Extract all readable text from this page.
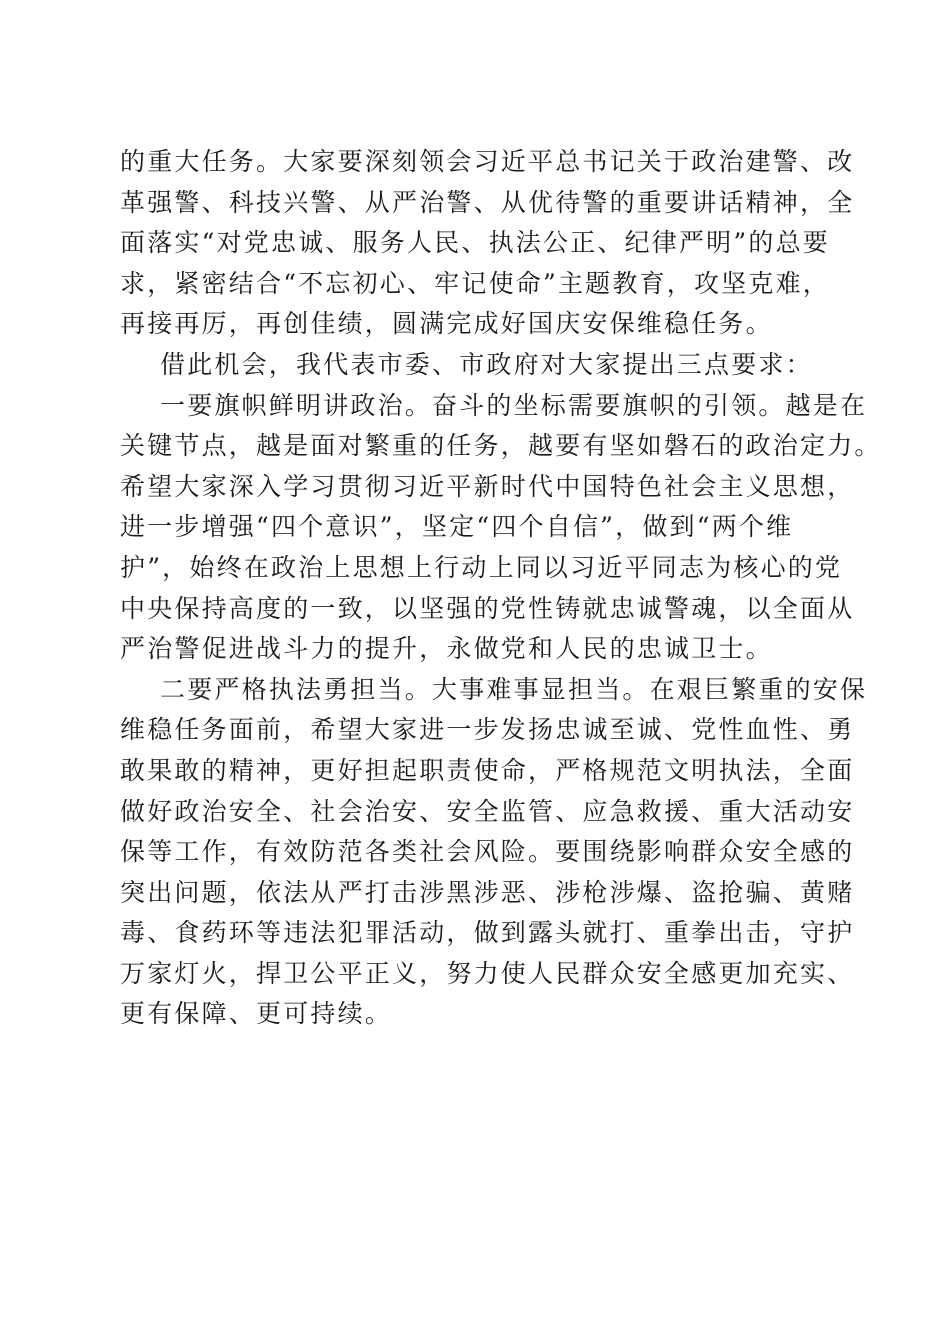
的重大任务。大家要深刻领会习近平总书记关于政治建警、改
革强警、科技兴警、从严治警、从优待警的重要讲话精神，全
面落实“对党忠诚、服务人民、执法公正、纪律严明”的总要
求，紧密结合“不忘初心、牢记使命”主题教育，攻坚克难，
再接再厉，再创佳绩，圆满完成好国庆安保维稳任务。
借此机会，我代表市委、市政府对大家提出三点要求：
一要旗帜鲜明讲政治。奋斗的坐标需要旗帜的引领。越是在
关键节点，越是面对繁重的任务，越要有坚如磐石的政治定力。
希望大家深入学习贯彻习近平新时代中国特色社会主义思想，
进一步增强“四个意识”，坚定“四个自信”，做到“两个维
护”，始终在政治上思想上行动上同以习近平同志为核心的党
中央保持高度的一致，以坚强的党性铸就忠诚警魂，以全面从
严治警促进战斗力的提升，永做党和人民的忠诚卫士。
二要严格执法勇担当。大事难事显担当。在艰巨繁重的安保
维稳任务面前，希望大家进一步发扬忠诚至诚、党性血性、勇
敢果敢的精神，更好担起职责使命，严格规范文明执法，全面
做好政治安全、社会治安、安全监管、应急救援、重大活动安
保等工作，有效防范各类社会风险。要围绕影响群众安全感的
突出问题，依法从严打击涉黑涉恶、涉枪涉爆、盗抢骗、黄赌
毒、食药环等违法犯罪活动，做到露头就打、重拳出击，守护
万家灯火，捍卫公平正义，努力使人民群众安全感更加充实、
更有保障、更可持续。
